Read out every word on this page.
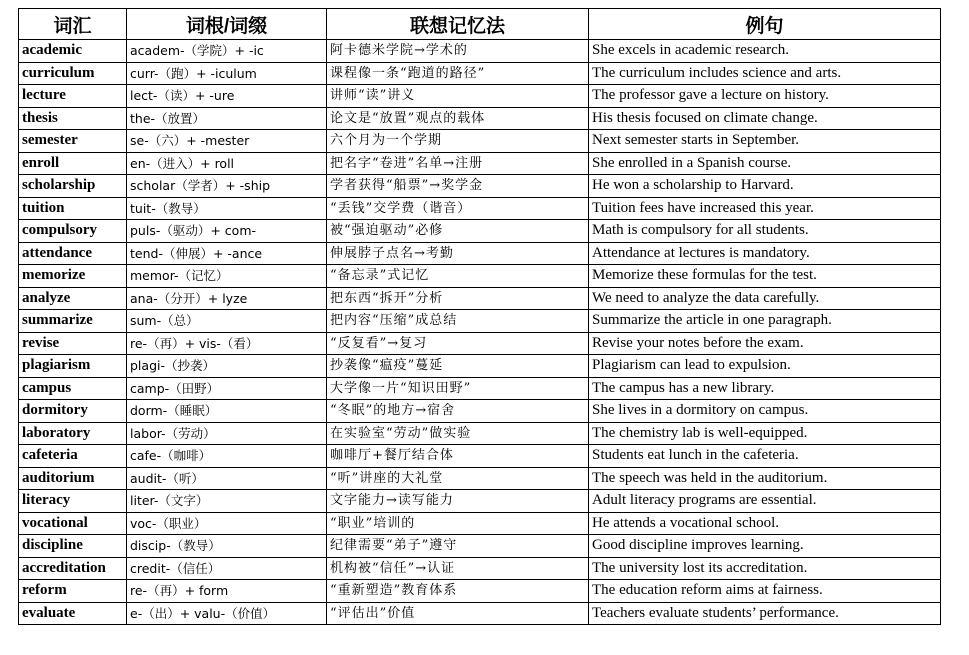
词汇	词根/词缀	联想记忆法	例句
academic	academ-（学院）+ -ic	阿卡德米学院→学术的	She excels in academic research.
curriculum	curr-（跑）+ -iculum	课程像一条“跑道的路径”	The curriculum includes science and arts.
lecture	lect-（读）+ -ure	讲师“读”讲义	The professor gave a lecture on history.
thesis	the-（放置）	论文是“放置”观点的载体	His thesis focused on climate change.
semester	se-（六）+ -mester	六个月为一个学期	Next semester starts in September.
enroll	en-（进入）+ roll	把名字“卷进”名单→注册	She enrolled in a Spanish course.
scholarship	scholar（学者）+ -ship	学者获得“船票”→奖学金	He won a scholarship to Harvard.
tuition	tuit-（教导）	“丢钱”交学费（谐音）	Tuition fees have increased this year.
compulsory	puls-（驱动）+ com-	被“强迫驱动”必修	Math is compulsory for all students.
attendance	tend-（伸展）+ -ance	伸展脖子点名→考勤	Attendance at lectures is mandatory.
memorize	memor-（记忆）	“备忘录”式记忆	Memorize these formulas for the test.
analyze	ana-（分开）+ lyze	把东西“拆开”分析	We need to analyze the data carefully.
summarize	sum-（总）	把内容“压缩”成总结	Summarize the article in one paragraph.
revise	re-（再）+ vis-（看）	“反复看”→复习	Revise your notes before the exam.
plagiarism	plagi-（抄袭）	抄袭像“瘟疫”蔓延	Plagiarism can lead to expulsion.
campus	camp-（田野）	大学像一片“知识田野”	The campus has a new library.
dormitory	dorm-（睡眠）	“冬眠”的地方→宿舍	She lives in a dormitory on campus.
laboratory	labor-（劳动）	在实验室“劳动”做实验	The chemistry lab is well-equipped.
cafeteria	cafe-（咖啡）	咖啡厅+餐厅结合体	Students eat lunch in the cafeteria.
auditorium	audit-（听）	“听”讲座的大礼堂	The speech was held in the auditorium.
literacy	liter-（文字）	文字能力→读写能力	Adult literacy programs are essential.
vocational	voc-（职业）	“职业”培训的	He attends a vocational school.
discipline	discip-（教导）	纪律需要“弟子”遵守	Good discipline improves learning.
accreditation	credit-（信任）	机构被“信任”→认证	The university lost its accreditation.
reform	re-（再）+ form	“重新塑造”教育体系	The education reform aims at fairness.
evaluate	e-（出）+ valu-（价值）	“评估出”价值	Teachers evaluate students’ performance.
